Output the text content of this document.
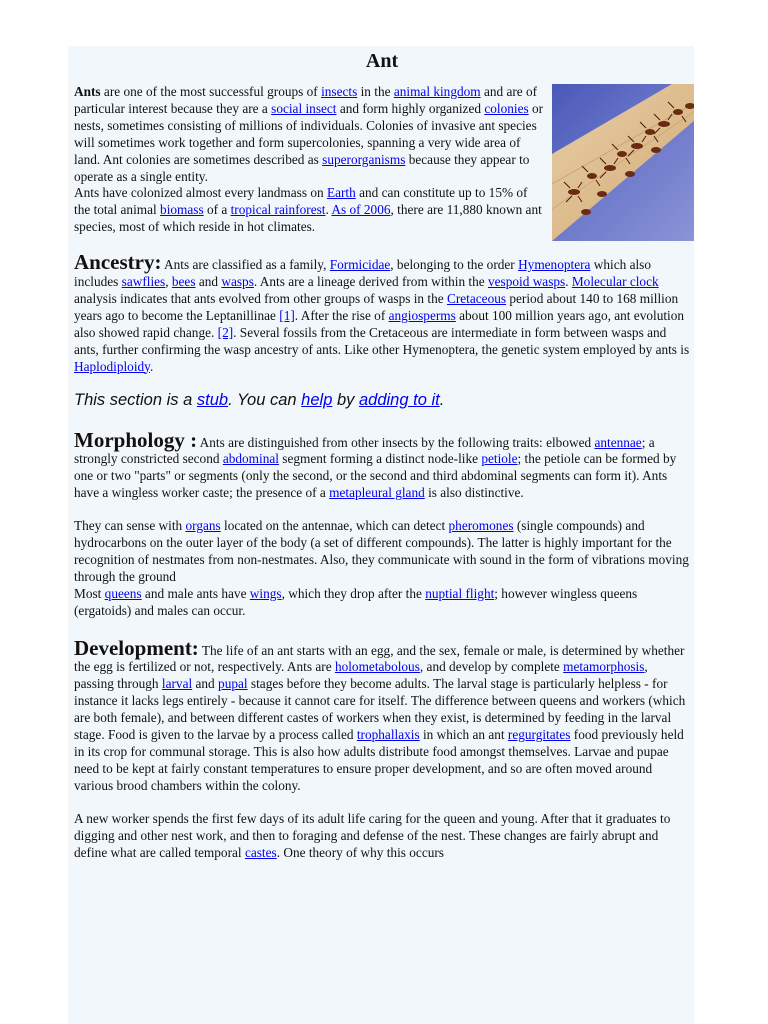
Ant

Ants are one of the most successful groups of insects in the animal kingdom and are of particular interest because they are a social insect and form highly organized colonies or nests, sometimes consisting of millions of individuals. Colonies of invasive ant species will sometimes work together and form supercolonies, spanning a very wide area of land. Ant colonies are sometimes described as superorganisms because they appear to operate as a single entity.

Ants have colonized almost every landmass on Earth and can constitute up to 15% of the total animal biomass of a tropical rainforest. As of 2006, there are 11,880 known ant species, most of which reside in hot climates.

Ancestry: Ants are classified as a family, Formicidae, belonging to the order Hymenoptera which also includes sawflies, bees and wasps. Ants are a lineage derived from within the vespoid wasps. Molecular clock analysis indicates that ants evolved from other groups of wasps in the Cretaceous period about 140 to 168 million years ago to become the Leptanillinae [1]. After the rise of angiosperms about 100 million years ago, ant evolution also showed rapid change. [2]. Several fossils from the Cretaceous are intermediate in form between wasps and ants, further confirming the wasp ancestry of ants. Like other Hymenoptera, the genetic system employed by ants is Haplodiploidy.

This section is a stub. You can help by adding to it.

Morphology : Ants are distinguished from other insects by the following traits: elbowed antennae; a strongly constricted second abdominal segment forming a distinct node-like petiole; the petiole can be formed by one or two "parts" or segments (only the second, or the second and third abdominal segments can form it). Ants have a wingless worker caste; the presence of a metapleural gland is also distinctive.

They can sense with organs located on the antennae, which can detect pheromones (single compounds) and hydrocarbons on the outer layer of the body (a set of different compounds). The latter is highly important for the recognition of nestmates from non-nestmates. Also, they communicate with sound in the form of vibrations moving through the ground

Most queens and male ants have wings, which they drop after the nuptial flight; however wingless queens (ergatoids) and males can occur.

Development: The life of an ant starts with an egg, and the sex, female or male, is determined by whether the egg is fertilized or not, respectively. Ants are holometabolous, and develop by complete metamorphosis, passing through larval and pupal stages before they become adults. The larval stage is particularly helpless - for instance it lacks legs entirely - because it cannot care for itself. The difference between queens and workers (which are both female), and between different castes of workers when they exist, is determined by feeding in the larval stage. Food is given to the larvae by a process called trophallaxis in which an ant regurgitates food previously held in its crop for communal storage. This is also how adults distribute food amongst themselves. Larvae and pupae need to be kept at fairly constant temperatures to ensure proper development, and so are often moved around various brood chambers within the colony.

A new worker spends the first few days of its adult life caring for the queen and young. After that it graduates to digging and other nest work, and then to foraging and defense of the nest. These changes are fairly abrupt and define what are called temporal castes. One theory of why this occurs
